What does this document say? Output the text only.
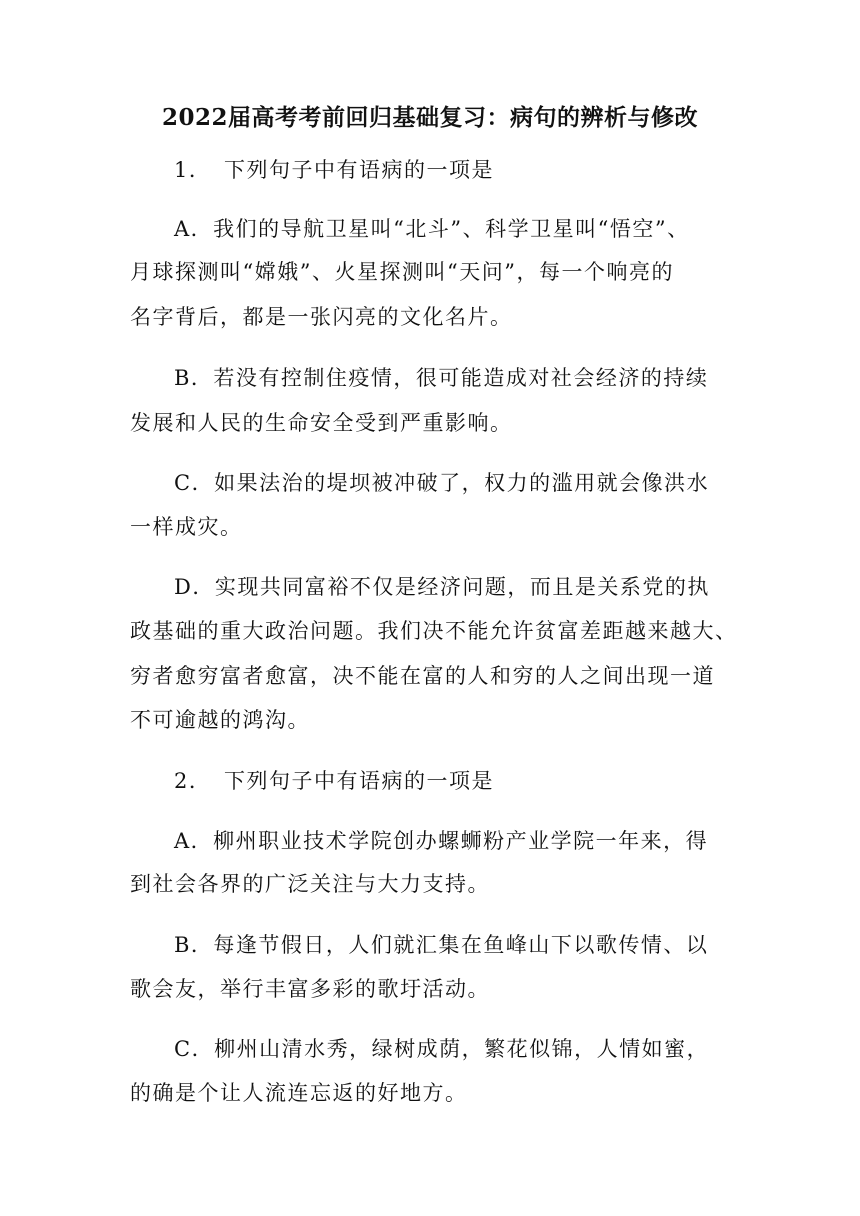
2022届高考考前回归基础复习：病句的辨析与修改
1． 下列句子中有语病的一项是
A．我们的导航卫星叫“北斗”、科学卫星叫“悟空”、
月球探测叫“嫦娥”、火星探测叫“天问”，每一个响亮的
名字背后，都是一张闪亮的文化名片。
B．若没有控制住疫情，很可能造成对社会经济的持续
发展和人民的生命安全受到严重影响。
C．如果法治的堤坝被冲破了，权力的滥用就会像洪水
一样成灾。
D．实现共同富裕不仅是经济问题，而且是关系党的执
政基础的重大政治问题。我们决不能允许贫富差距越来越大、
穷者愈穷富者愈富，决不能在富的人和穷的人之间出现一道
不可逾越的鸿沟。
2． 下列句子中有语病的一项是
A．柳州职业技术学院创办螺蛳粉产业学院一年来，得
到社会各界的广泛关注与大力支持。
B．每逢节假日，人们就汇集在鱼峰山下以歌传情、以
歌会友，举行丰富多彩的歌圩活动。
C．柳州山清水秀，绿树成荫，繁花似锦，人情如蜜，
的确是个让人流连忘返的好地方。
